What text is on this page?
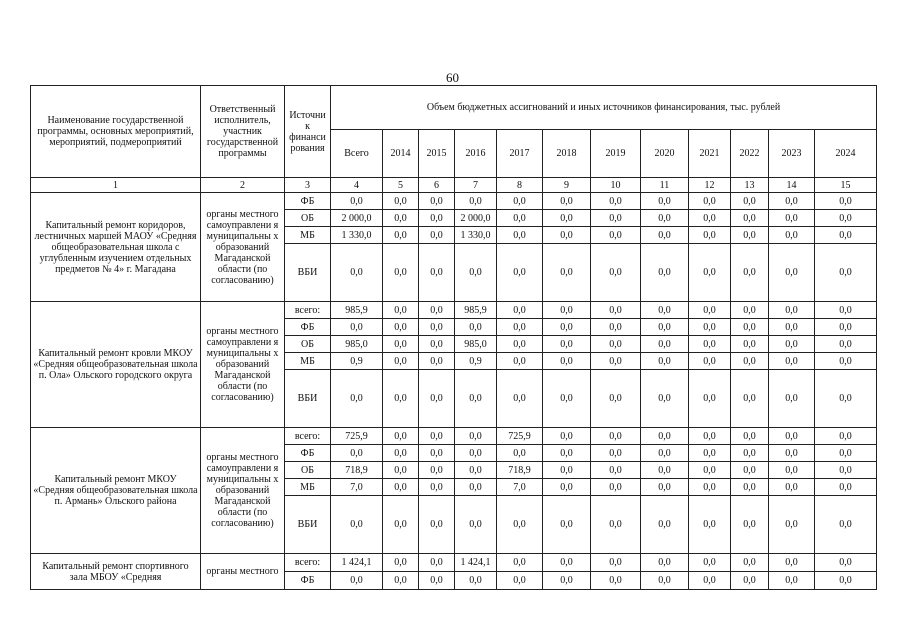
60
Наименование государственной программы, основных мероприятий, мероприятий, подмероприятий	Ответственный исполнитель, участник государственной программы	Источни к финанси рования	Объем бюджетных ассигнований и иных источников финансирования, тыс. рублей											
			Всего	2014	2015	2016	2017	2018	2019	2020	2021	2022	2023	2024
1	2	3	4	5	6	7	8	9	10	11	12	13	14	15
Капитальный ремонт коридоров, лестничных маршей МАОУ «Средняя общеобразовательная школа с углубленным изучением отдельных предметов № 4» г. Магадана	органы местного самоуправлени я муниципальны х образований Магаданской области (по согласованию)	ФБ	0,0	0,0	0,0	0,0	0,0	0,0	0,0	0,0	0,0	0,0	0,0	0,0
		ОБ	2 000,0	0,0	0,0	2 000,0	0,0	0,0	0,0	0,0	0,0	0,0	0,0	0,0
		МБ	1 330,0	0,0	0,0	1 330,0	0,0	0,0	0,0	0,0	0,0	0,0	0,0	0,0
		ВБИ	0,0	0,0	0,0	0,0	0,0	0,0	0,0	0,0	0,0	0,0	0,0	0,0
Капитальный ремонт кровли МКОУ «Средняя общеобразовательная школа п. Ола» Ольского городского округа	органы местного самоуправлени я муниципальны х образований Магаданской области (по согласованию)	всего:	985,9	0,0	0,0	985,9	0,0	0,0	0,0	0,0	0,0	0,0	0,0	0,0
		ФБ	0,0	0,0	0,0	0,0	0,0	0,0	0,0	0,0	0,0	0,0	0,0	0,0
		ОБ	985,0	0,0	0,0	985,0	0,0	0,0	0,0	0,0	0,0	0,0	0,0	0,0
		МБ	0,9	0,0	0,0	0,9	0,0	0,0	0,0	0,0	0,0	0,0	0,0	0,0
		ВБИ	0,0	0,0	0,0	0,0	0,0	0,0	0,0	0,0	0,0	0,0	0,0	0,0
Капитальный ремонт МКОУ «Средняя общеобразовательная школа п. Армань» Ольского района	органы местного самоуправлени я муниципальны х образований Магаданской области (по согласованию)	всего:	725,9	0,0	0,0	0,0	725,9	0,0	0,0	0,0	0,0	0,0	0,0	0,0
		ФБ	0,0	0,0	0,0	0,0	0,0	0,0	0,0	0,0	0,0	0,0	0,0	0,0
		ОБ	718,9	0,0	0,0	0,0	718,9	0,0	0,0	0,0	0,0	0,0	0,0	0,0
		МБ	7,0	0,0	0,0	0,0	7,0	0,0	0,0	0,0	0,0	0,0	0,0	0,0
		ВБИ	0,0	0,0	0,0	0,0	0,0	0,0	0,0	0,0	0,0	0,0	0,0	0,0
Капитальный ремонт спортивного зала МБОУ «Средняя	органы местного	всего:	1 424,1	0,0	0,0	1 424,1	0,0	0,0	0,0	0,0	0,0	0,0	0,0	0,0
		ФБ	0,0	0,0	0,0	0,0	0,0	0,0	0,0	0,0	0,0	0,0	0,0	0,0
